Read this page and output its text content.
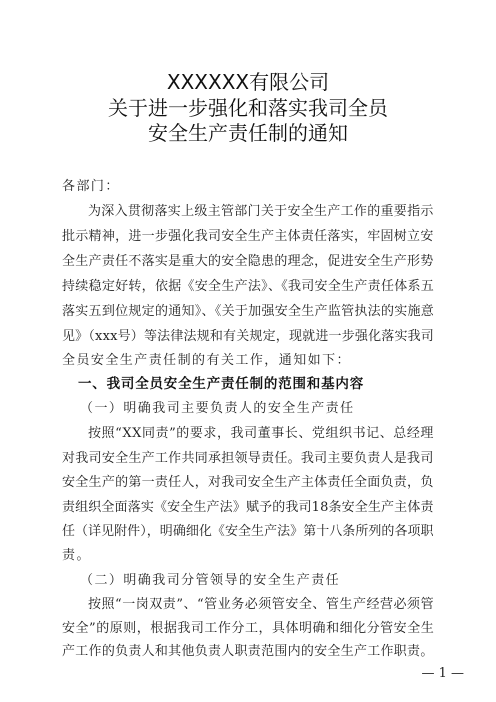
XXXXXX有限公司
关于进一步强化和落实我司全员
安全生产责任制的通知
各部门：
为深入贯彻落实上级主管部门关于安全生产工作的重要指示
批示精神，进一步强化我司安全生产主体责任落实，牢固树立安
全生产责任不落实是重大的安全隐患的理念，促进安全生产形势
持续稳定好转，依据《安全生产法》、《我司安全生产责任体系五
落实五到位规定的通知》、《关于加强安全生产监管执法的实施意
见》（xxx号）等法律法规和有关规定，现就进一步强化落实我司
全员安全生产责任制的有关工作，通知如下：
一、我司全员安全生产责任制的范围和基内容
（一）明确我司主要负责人的安全生产责任
按照“XX同责”的要求，我司董事长、党组织书记、总经理
对我司安全生产工作共同承担领导责任。我司主要负责人是我司
安全生产的第一责任人，对我司安全生产主体责任全面负责，负
责组织全面落实《安全生产法》赋予的我司18条安全生产主体责
任（详见附件），明确细化《安全生产法》第十八条所列的各项职
责。
（二）明确我司分管领导的安全生产责任
按照“一岗双责”、“管业务必须管安全、管生产经营必须管
安全”的原则，根据我司工作分工，具体明确和细化分管安全生
产工作的负责人和其他负责人职责范围内的安全生产工作职责。
— 1 —
